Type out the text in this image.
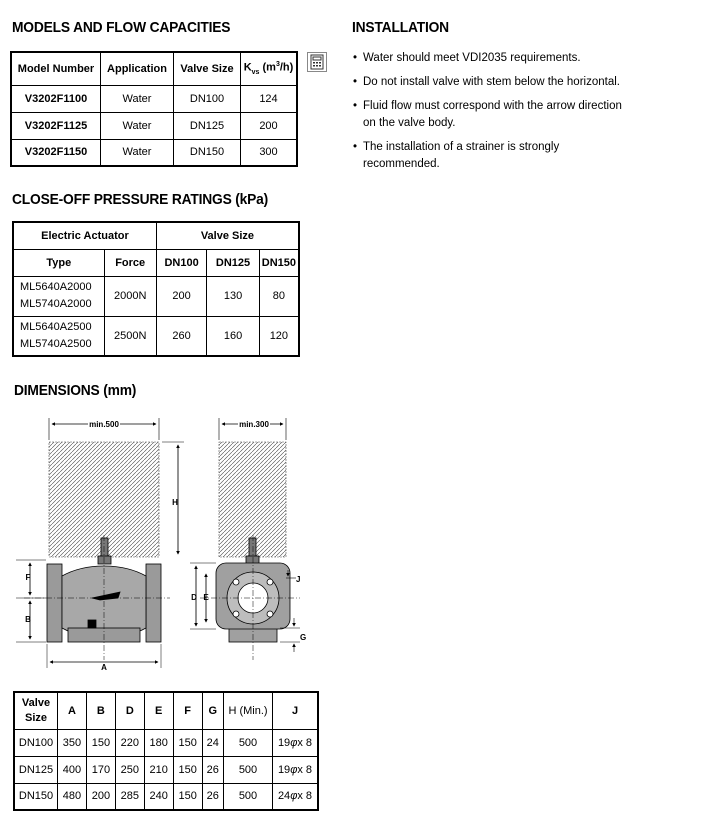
MODELS AND FLOW CAPACITIES
Model Number	Application	Valve Size	$K_{vs}$ $(m^3/h)$
V3202F1100	Water	DN100	124
V3202F1125	Water	DN125	200
V3202F1150	Water	DN150	300
INSTALLATION
• Water should meet VDI2035 requirements.
• Do not install valve with stem below the horizontal.
• Fluid flow must correspond with the arrow direction
on the valve body.
• The installation of a strainer is strongly
recommended.
CLOSE-OFF PRESSURE RATINGS (kPa)
Electric Actuator		Valve Size		
Type	Force	DN100	DN125	DN150
ML5640A2000
ML5740A2000	2000N	200	130	80
ML5640A2500
ML5740A2500	2500N	260	160	120
DIMENSIONS (mm)
min.500	min.300
H
F
B
A
D E
J
G
Valve
Size	A	B	D	E	F	G	H (Min.)	J
DN100	350	150	220	180	150	24	500	19φx 8
DN125	400	170	250	210	150	26	500	19φx 8
DN150	480	200	285	240	150	26	500	24φx 8
